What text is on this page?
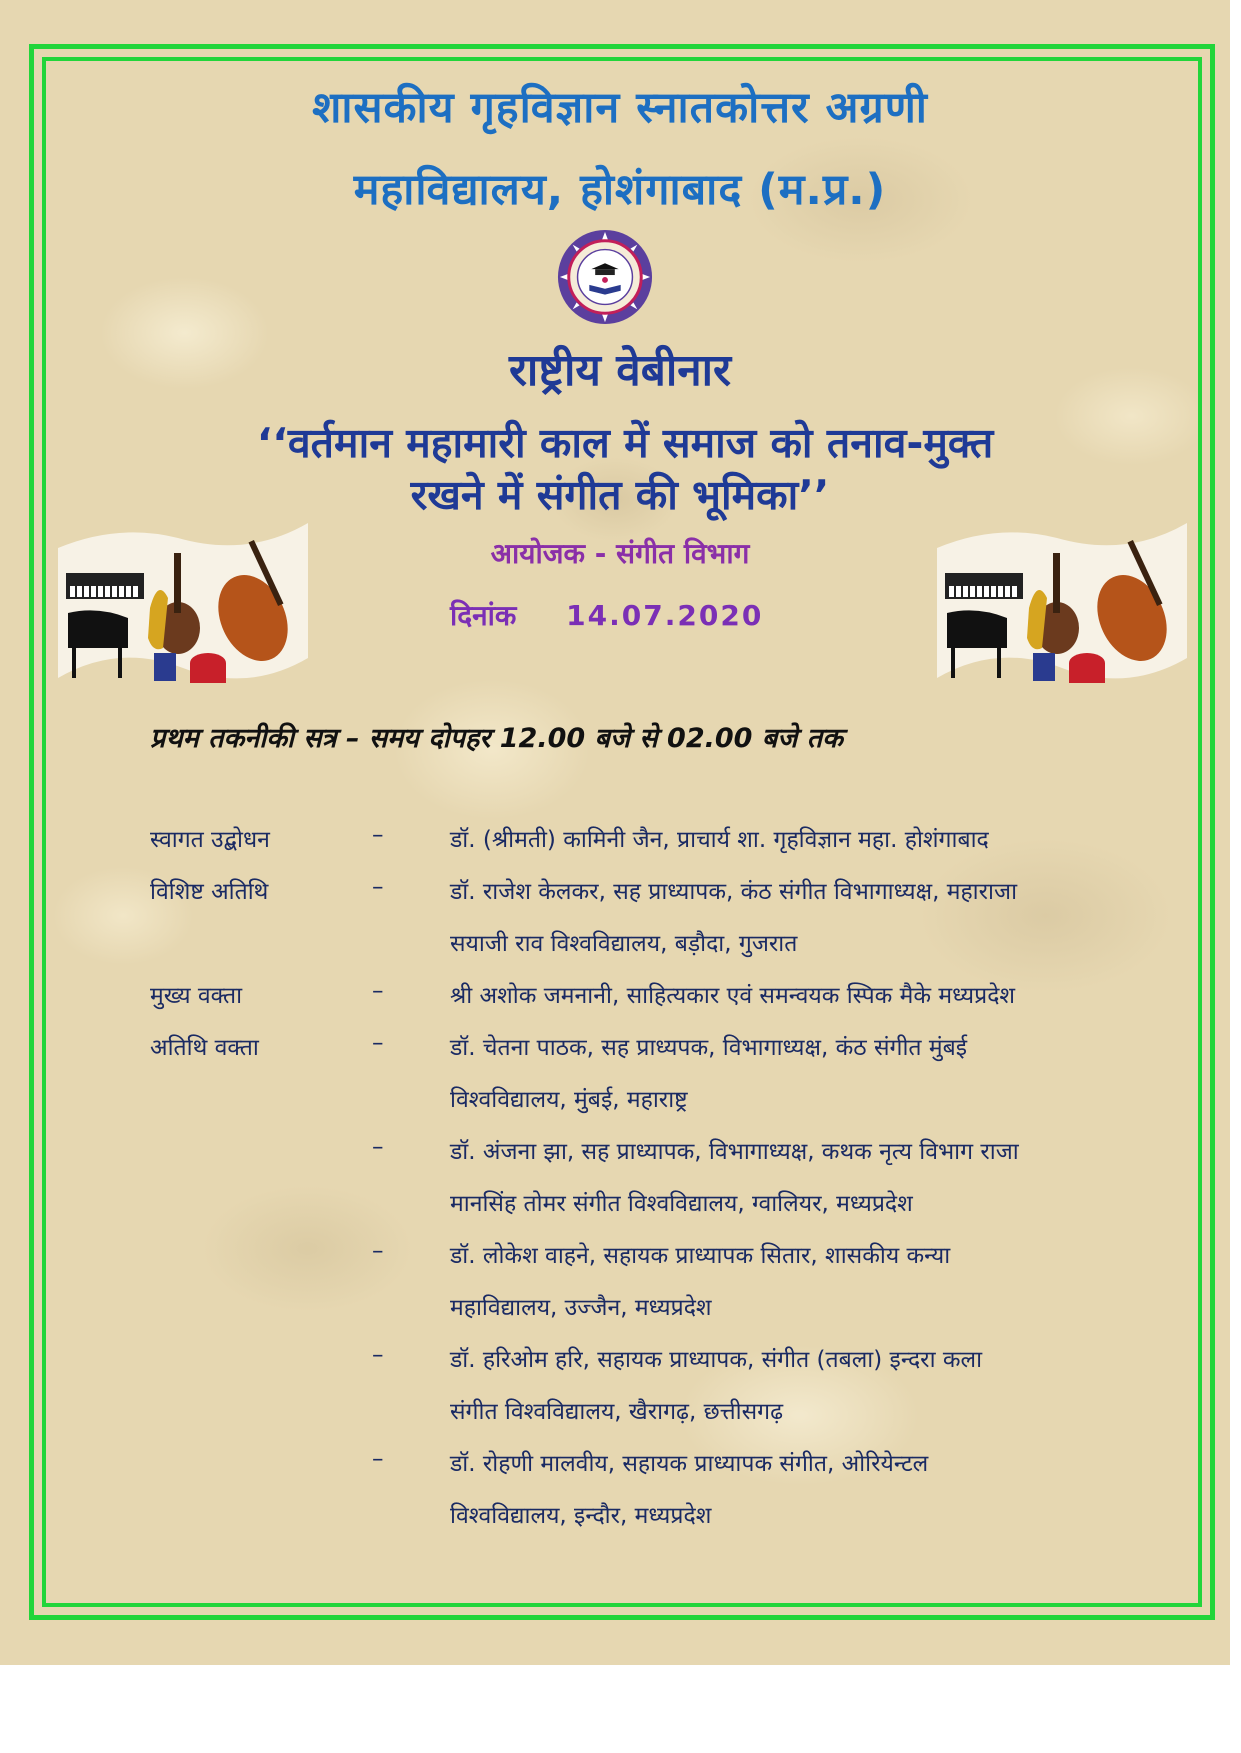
शासकीय गृहविज्ञान स्नातकोत्तर अग्रणी
महाविद्यालय, होशंगाबाद (म.प्र.)
राष्ट्रीय वेबीनार
‘‘वर्तमान महामारी काल में समाज को तनाव-मुक्त
रखने में संगीत की भूमिका’’
आयोजक - संगीत विभाग
दिनांक 14.07.2020
प्रथम तकनीकी सत्र – समय दोपहर 12.00 बजे से 02.00 बजे तक
स्वागत उद्बोधन	–	डॉ. (श्रीमती) कामिनी जैन, प्राचार्य शा. गृहविज्ञान महा. होशंगाबाद
विशिष्ट अतिथि	–	डॉ. राजेश केलकर, सह प्राध्यापक, कंठ संगीत विभागाध्यक्ष, महाराजा
सयाजी राव विश्वविद्यालय, बड़ौदा, गुजरात
मुख्य वक्ता	–	श्री अशोक जमनानी, साहित्यकार एवं समन्वयक स्पिक मैके मध्यप्रदेश
अतिथि वक्ता	–	डॉ. चेतना पाठक, सह प्राध्यपक, विभागाध्यक्ष, कंठ संगीत मुंबई
विश्वविद्यालय, मुंबई, महाराष्ट्र
–	डॉ. अंजना झा, सह प्राध्यापक, विभागाध्यक्ष, कथक नृत्य विभाग राजा
मानसिंह तोमर संगीत विश्वविद्यालय, ग्वालियर, मध्यप्रदेश
–	डॉ. लोकेश वाहने, सहायक प्राध्यापक सितार, शासकीय कन्या
महाविद्यालय, उज्जैन, मध्यप्रदेश
–	डॉ. हरिओम हरि, सहायक प्राध्यापक, संगीत (तबला) इन्दरा कला
संगीत विश्वविद्यालय, खैरागढ़, छत्तीसगढ़
–	डॉ. रोहणी मालवीय, सहायक प्राध्यापक संगीत, ओरियेन्टल
विश्वविद्यालय, इन्दौर, मध्यप्रदेश
